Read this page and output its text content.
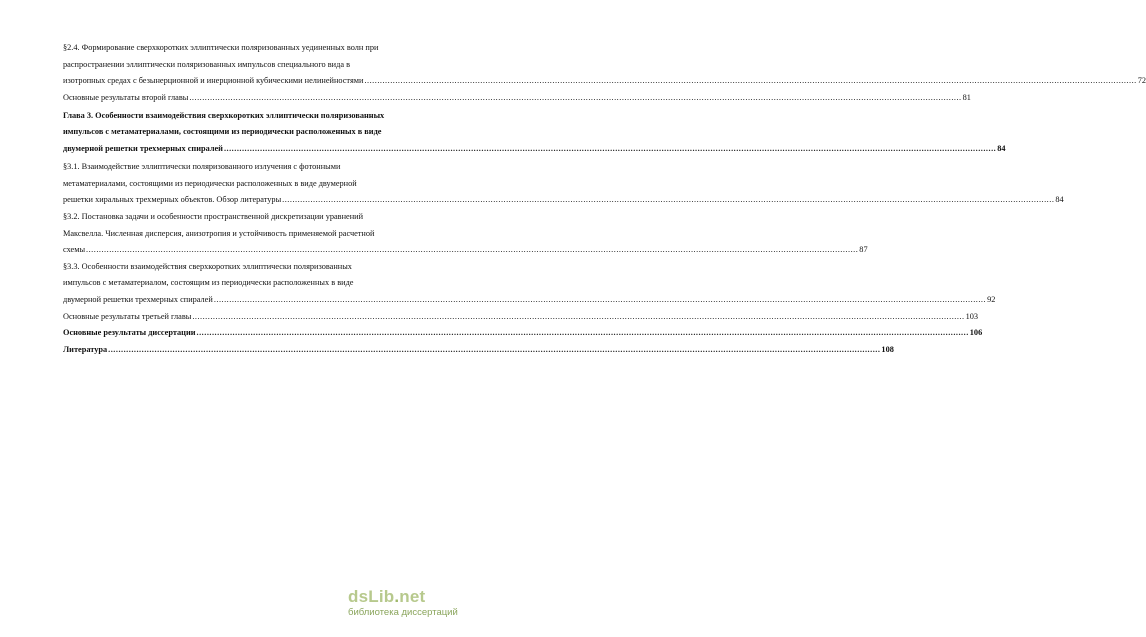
§2.4. Формирование сверхкоротких эллиптически поляризованных уединенных волн при
распространении эллиптически поляризованных импульсов специального вида в
изотропных средах с безынерционной и инерционной кубическими нелинейностями ............................................................................................................................................................................................................................................................................................................ 72
Основные результаты второй главы ............................................................................................................................................................................................................................................................................................................ 81
Глава 3. Особенности взаимодействия сверхкоротких эллиптически поляризованных
импульсов с метаматериалами, состоящими из периодически расположенных в виде
двумерной решетки трехмерных спиралей ............................................................................................................................................................................................................................................................................................................ 84
§3.1. Взаимодействие эллиптически поляризованного излучения с фотонными
метаматериалами, состоящими из периодически расположенных в виде двумерной
решетки хиральных трехмерных объектов. Обзор литературы ............................................................................................................................................................................................................................................................................................................ 84
§3.2. Постановка задачи и особенности пространственной дискретизации уравнений
Максвелла. Численная дисперсия, анизотропия и устойчивость применяемой расчетной
схемы ............................................................................................................................................................................................................................................................................................................ 87
§3.3. Особенности взаимодействия сверхкоротких эллиптически поляризованных
импульсов с метаматериалом, состоящим из периодически расположенных в виде
двумерной решетки трехмерных спиралей ............................................................................................................................................................................................................................................................................................................ 92
Основные результаты третьей главы ............................................................................................................................................................................................................................................................................................................ 103
Основные результаты диссертации ............................................................................................................................................................................................................................................................................................................ 106
Литература ............................................................................................................................................................................................................................................................................................................ 108
dsLib.net
библиотека диссертаций
